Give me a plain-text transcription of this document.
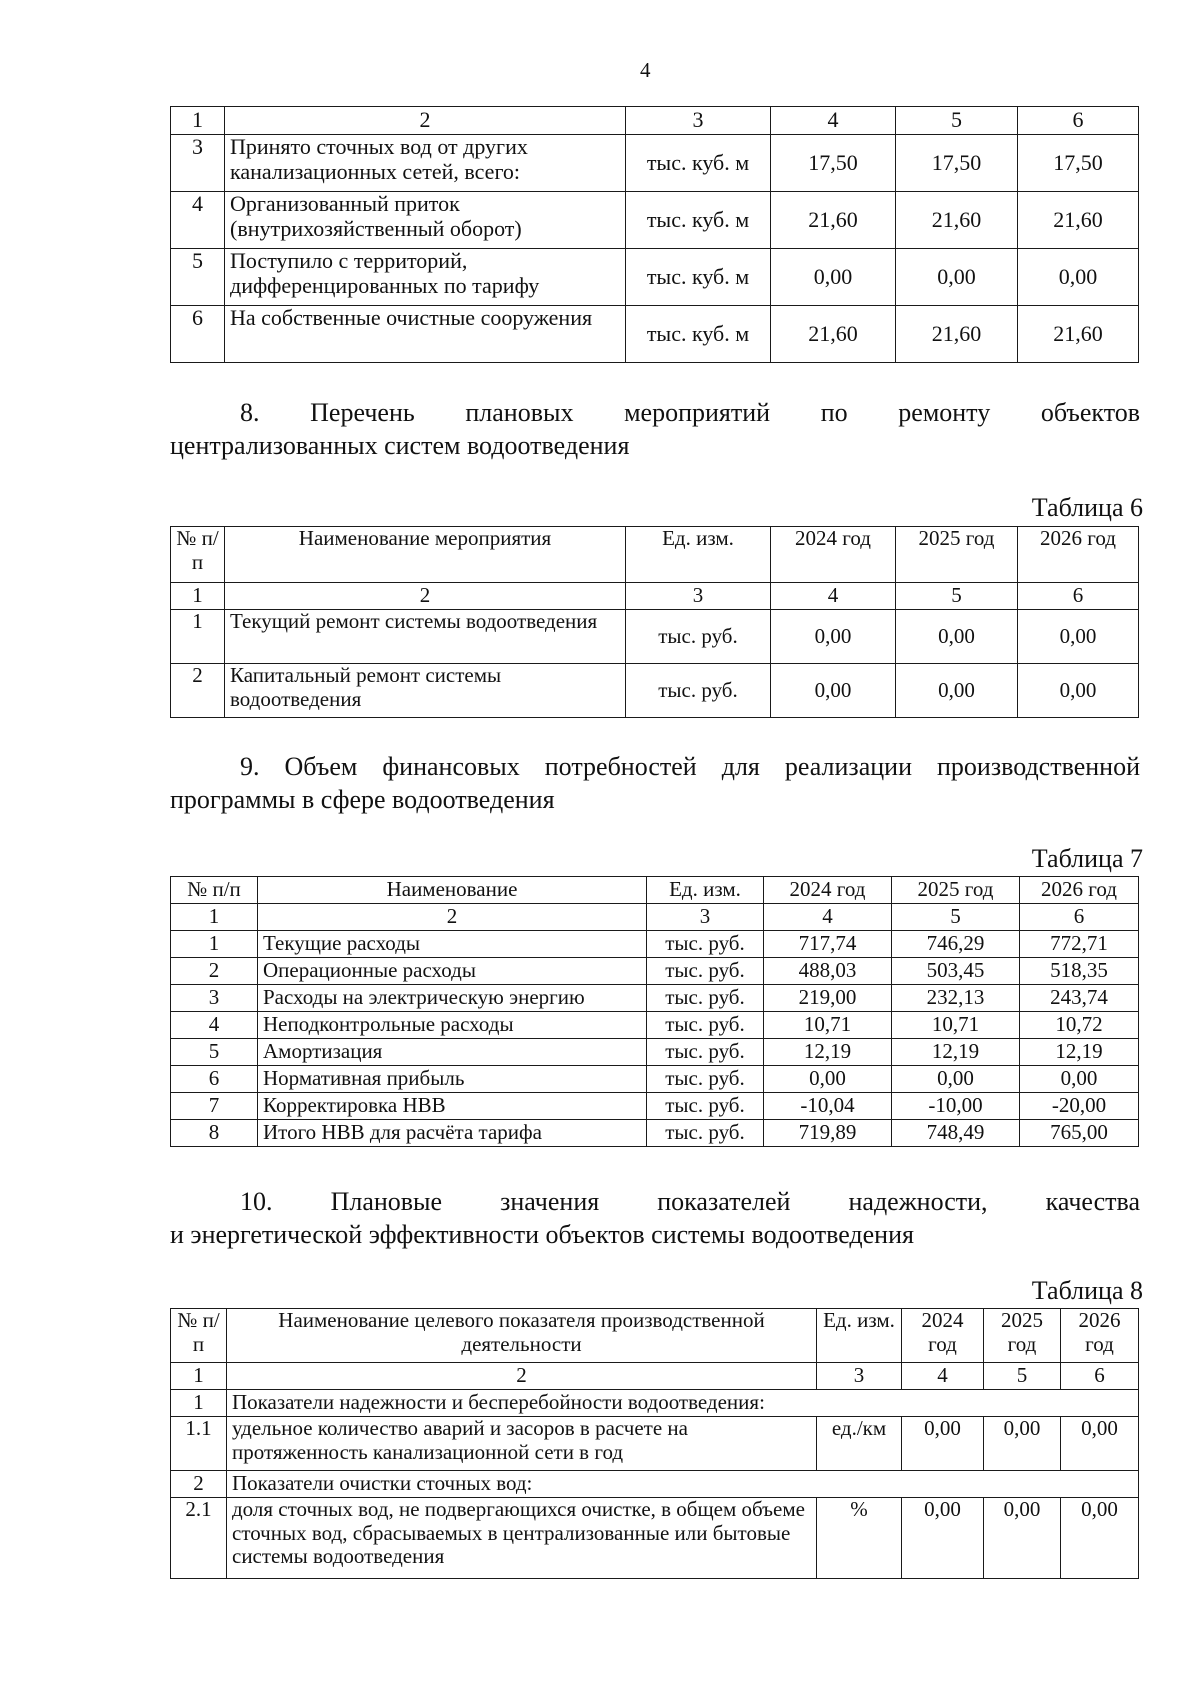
4
1	2	3	4	5	6
3	Принято сточных вод от других канализационных сетей, всего:	тыс. куб. м	17,50	17,50	17,50
4	Организованный приток (внутрихозяйственный оборот)	тыс. куб. м	21,60	21,60	21,60
5	Поступило с территорий, дифференцированных по тарифу	тыс. куб. м	0,00	0,00	0,00
6	На собственные очистные сооружения	тыс. куб. м	21,60	21,60	21,60
8. Перечень плановых мероприятий по ремонту объектов
централизованных систем водоотведения
Таблица 6
№ п/п	Наименование мероприятия	Ед. изм.	2024 год	2025 год	2026 год
1	2	3	4	5	6
1	Текущий ремонт системы водоотведения	тыс. руб.	0,00	0,00	0,00
2	Капитальный ремонт системы водоотведения	тыс. руб.	0,00	0,00	0,00
9. Объем финансовых потребностей для реализации производственной
программы в сфере водоотведения
Таблица 7
№ п/п	Наименование	Ед. изм.	2024 год	2025 год	2026 год
1	2	3	4	5	6
1	Текущие расходы	тыс. руб.	717,74	746,29	772,71
2	Операционные расходы	тыс. руб.	488,03	503,45	518,35
3	Расходы на электрическую энергию	тыс. руб.	219,00	232,13	243,74
4	Неподконтрольные расходы	тыс. руб.	10,71	10,71	10,72
5	Амортизация	тыс. руб.	12,19	12,19	12,19
6	Нормативная прибыль	тыс. руб.	0,00	0,00	0,00
7	Корректировка НВВ	тыс. руб.	-10,04	-10,00	-20,00
8	Итого НВВ для расчёта тарифа	тыс. руб.	719,89	748,49	765,00
10. Плановые значения показателей надежности, качества
и энергетической эффективности объектов системы водоотведения
Таблица 8
№ п/п	Наименование целевого показателя производственной деятельности	Ед. изм.	2024 год	2025 год	2026 год
1	2	3	4	5	6
1	Показатели надежности и бесперебойности водоотведения:				
1.1	удельное количество аварий и засоров в расчете на протяженность канализационной сети в год	ед./км	0,00	0,00	0,00
2	Показатели очистки сточных вод:				
2.1	доля сточных вод, не подвергающихся очистке, в общем объеме сточных вод, сбрасываемых в централизованные или бытовые системы водоотведения	%	0,00	0,00	0,00
